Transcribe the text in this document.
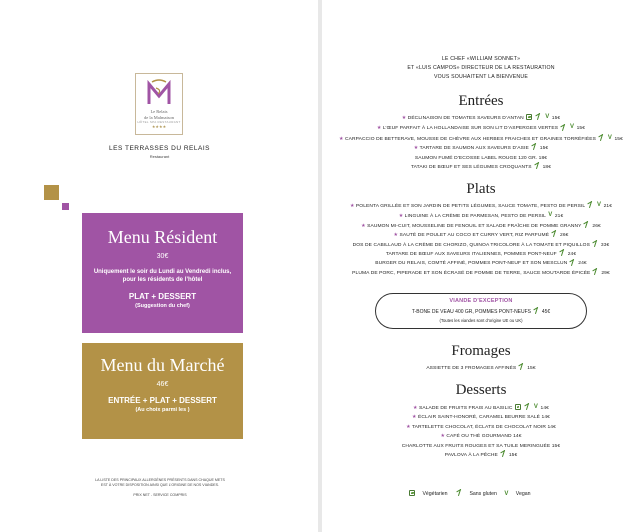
Le Relais
de la Malmaison
HÔTEL SPA RESTAURANT
★★★★
LES TERRASSES DU RELAIS
Restaurant
Menu Résident
30€
Uniquement le soir du Lundi au Vendredi inclus, pour les résidents de l’hôtel
PLAT + DESSERT
(Suggestion du chef)
Menu du Marché
46€
ENTRÉE + PLAT + DESSERT
(Au choix parmi les )
LA LISTE DES PRINCIPAUX ALLERGÈNES PRÉSENTS DANS CHAQUE METS
EST À VOTRE DISPOSITION AINSI QUE L’ORIGINE DE NOS VIANDES.
PRIX NET - SERVICE COMPRIS
LE CHEF «WILLIAM SONNET»
ET «LUIS CAMPOS» DIRECTEUR DE LA RESTAURATION
VOUS SOUHAITENT LA BIENVENUE
Entrées
★ DÉCLINAISON DE TOMATES SAVEURS D’ANTAN	V 15€
★ L’ŒUF PARFAIT À LA HOLLANDAISE SUR SON LIT D’ASPERGES VERTES V 15€
★ CARPACCIO DE BETTERAVE, MOUSSE DE CHÈVRE AUX HERBES FRAICHES ET GRAINES TORRÉFIÉES V 15€
★ TARTARE DE SAUMON AUX SAVEURS D’ASIE 15€
SAUMON FUMÉ D’ECOSSE LABEL ROUGE 120 GR. 18€
TATAKI DE BŒUF ET SES LÉGUMES CROQUANTS 18€
Plats
★ POLENTA GRILLÉE ET SON JARDIN DE PETITS LÉGUMES, SAUCE TOMATE, PESTO DE PERSIL V 21€
★ LINGUINE À LA CRÈME DE PARMESAN, PESTO DE PERSIL V 21€
★ SAUMON MI-CUIT, MOUSSELINE DE FENOUIL ET SALADE FRAÎCHE DE POMME GRANNY 26€
★ SAUTÉ DE POULET AU COCO ET CURRY VERT, RIZ PARFUMÉ 26€
DOS DE CABILLAUD À LA CRÈME DE CHORIZO, QUINOA TRICOLORE À LA TOMATE ET PIQUILLOS 33€
TARTARE DE BŒUF AUX SAVEURS ITALIENNES, POMMES PONT-NEUF 24€
BURGER DU RELAIS, COMTÉ AFFINÉ, POMMES PONT-NEUF ET SON MESCLUN 24€
PLUMA DE PORC, PIPERADE ET SON ÉCRASÉ DE POMME DE TERRE, SAUCE MOUTARDE ÉPICÉE 29€
VIANDE D’EXCEPTION
T-BONE DE VEAU 400 GR, POMMES PONT-NEUFS 45€
(Toutes les viandes sont d’origine UE ou UK)
Fromages
ASSIETTE DE 3 FROMAGES AFFINÉS 15€
Desserts
★ SALADE DE FRUITS FRAIS AU BASILIC	V 14€
★ ÉCLAIR SAINT-HONORÉ, CARAMEL BEURRE SALÉ 14€
★ TARTELETTE CHOCOLAT, ÉCLATS DE CHOCOLAT NOIR 14€
★ CAFÉ OU THÉ GOURMAND 14€
CHARLOTTE AUX FRUITS ROUGES ET SA TUILE MERINGUÉE 15€
PAVLOVA À LA PÊCHE 15€
Végétarien	Sans gluten V Vegan
